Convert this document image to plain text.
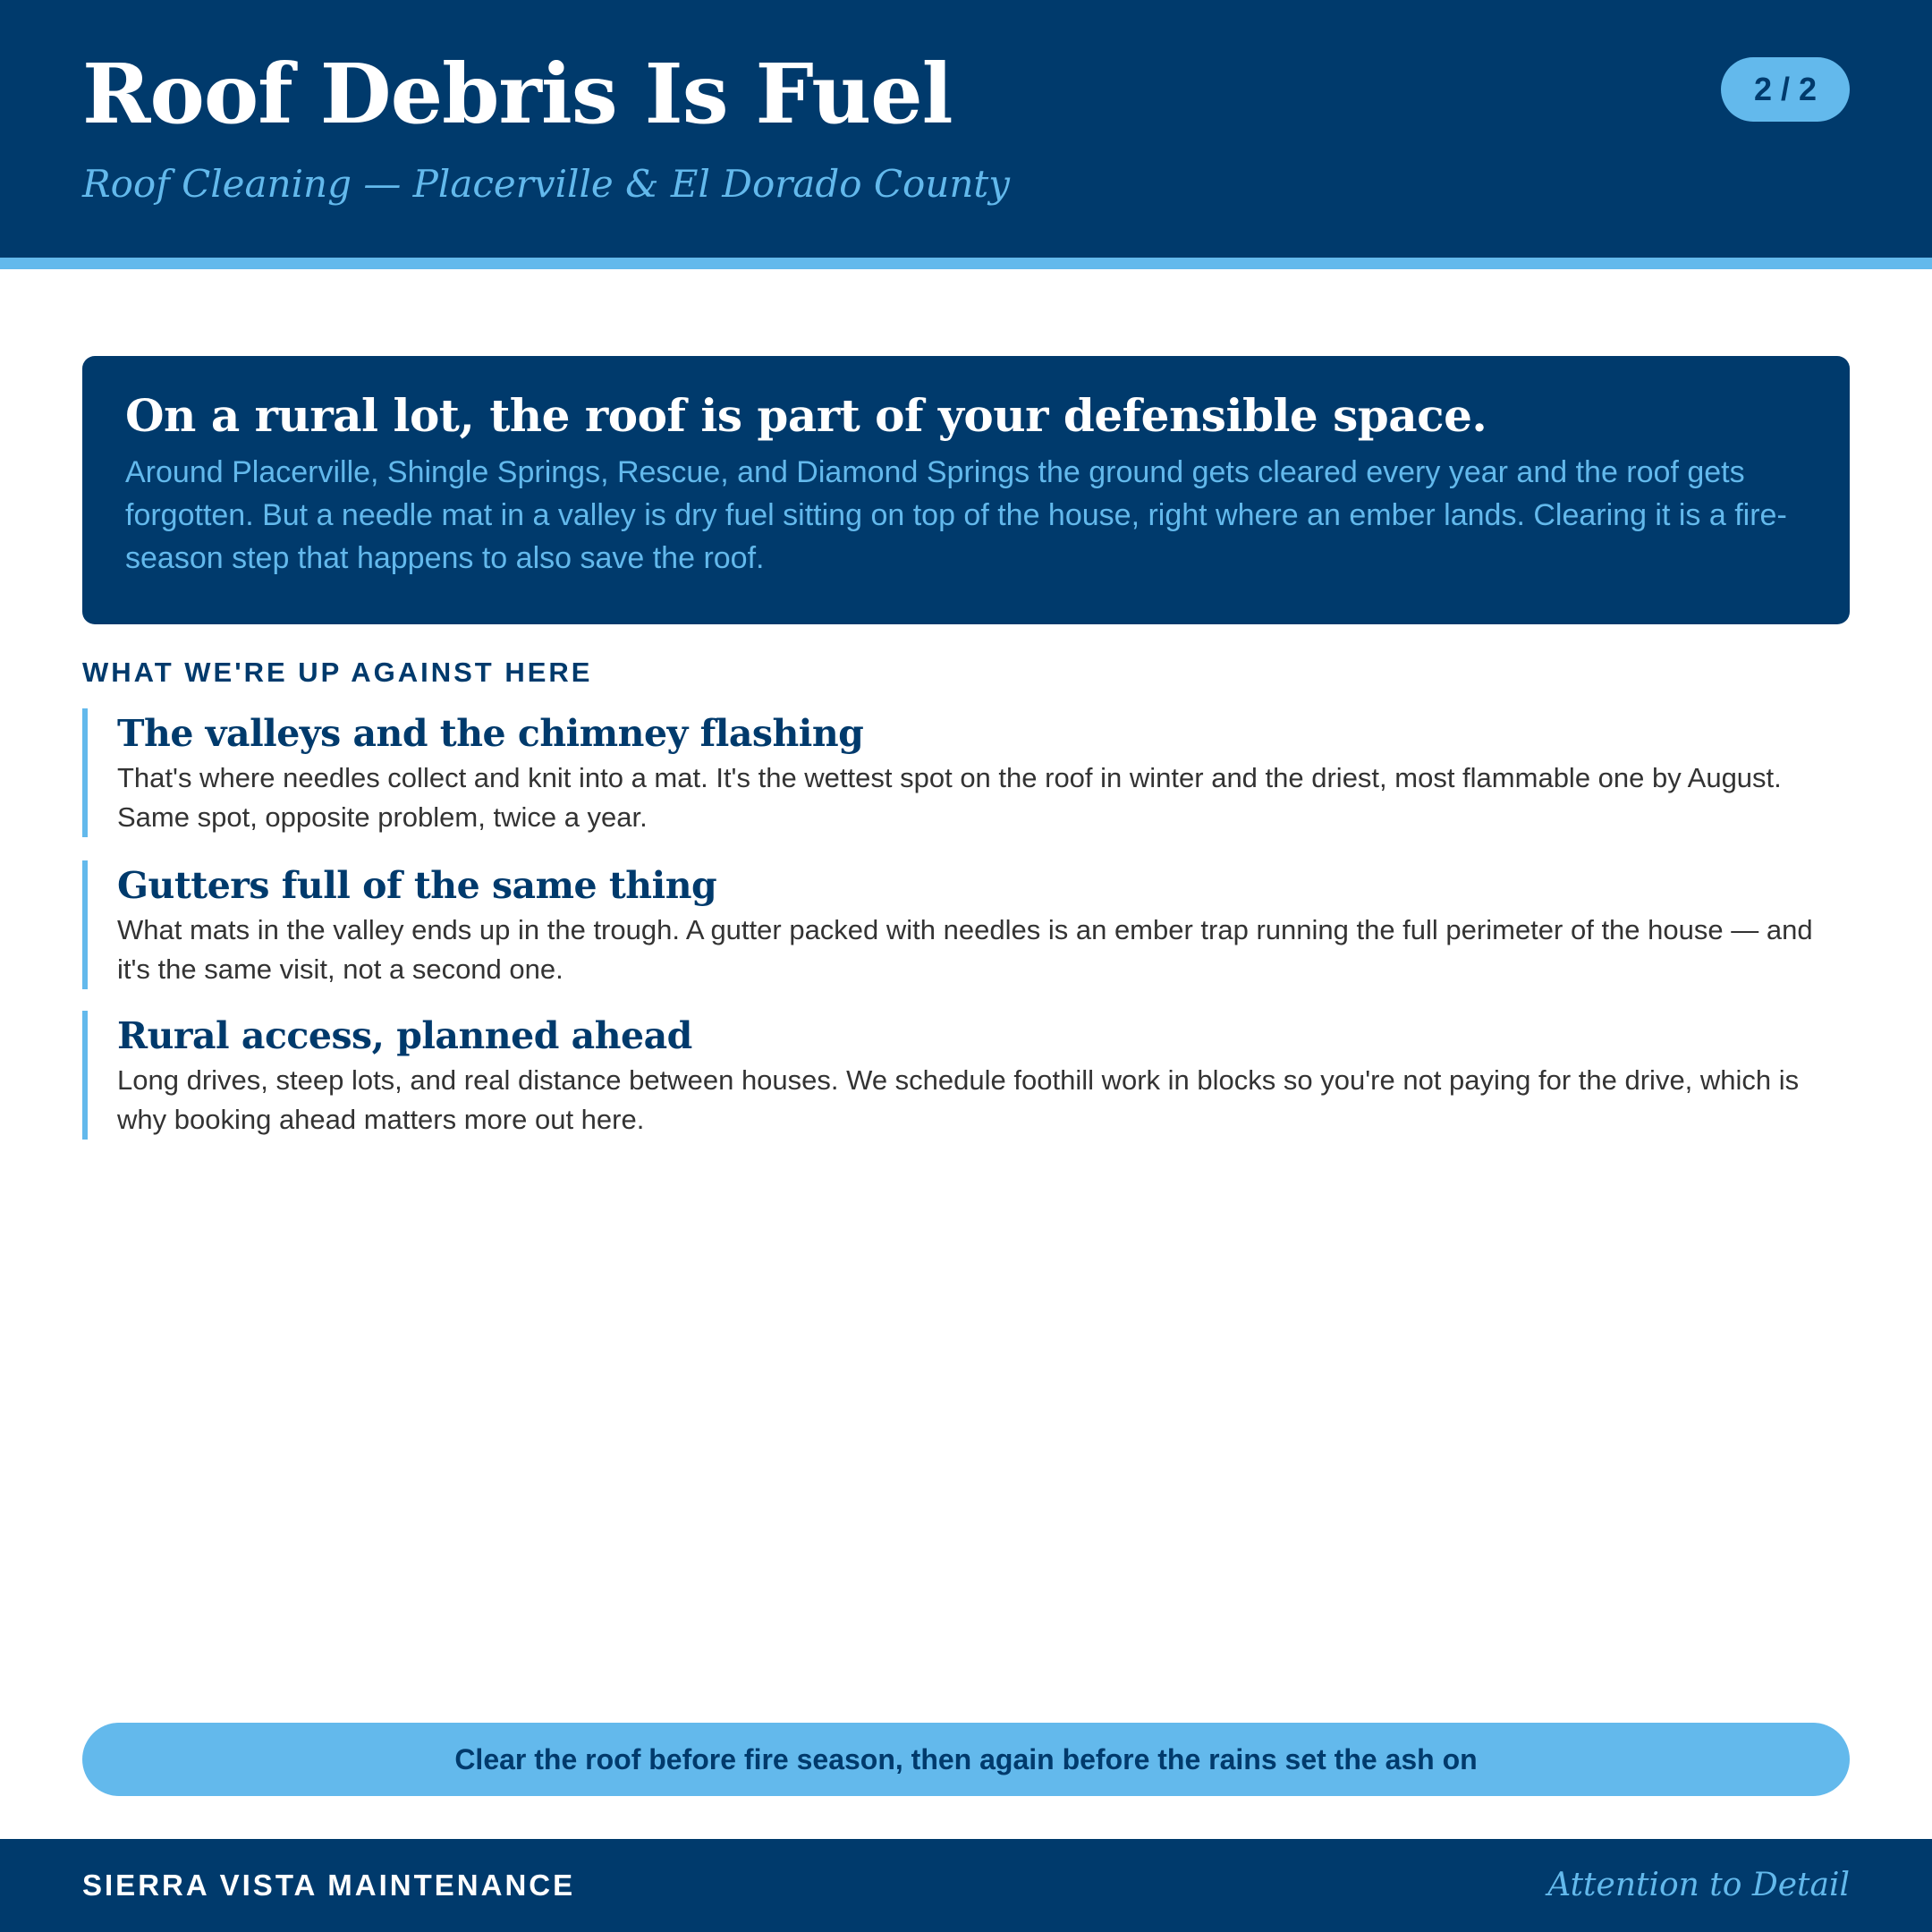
Roof Debris Is Fuel
Roof Cleaning — Placerville & El Dorado County
2 / 2
On a rural lot, the roof is part of your defensible space.

Around Placerville, Shingle Springs, Rescue, and Diamond Springs the ground gets cleared every year and the roof gets forgotten. But a needle mat in a valley is dry fuel sitting on top of the house, right where an ember lands. Clearing it is a fire-season step that happens to also save the roof.

WHAT WE'RE UP AGAINST HERE
The valleys and the chimney flashing

That's where needles collect and knit into a mat. It's the wettest spot on the roof in winter and the driest, most flammable one by August. Same spot, opposite problem, twice a year.

Gutters full of the same thing

What mats in the valley ends up in the trough. A gutter packed with needles is an ember trap running the full perimeter of the house — and it's the same visit, not a second one.

Rural access, planned ahead

Long drives, steep lots, and real distance between houses. We schedule foothill work in blocks so you're not paying for the drive, which is why booking ahead matters more out here.

Clear the roof before fire season, then again before the rains set the ash on
SIERRA VISTA MAINTENANCE	Attention to Detail
